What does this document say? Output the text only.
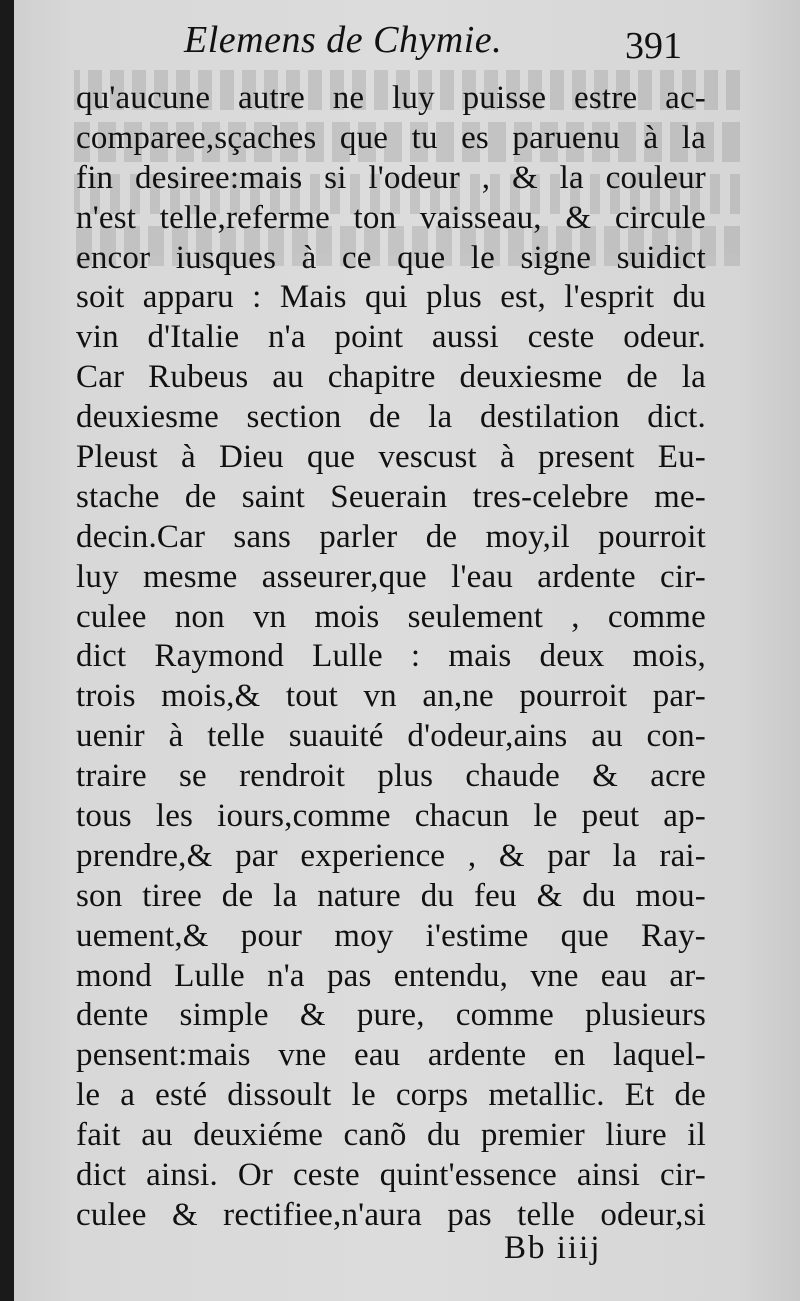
Elemens de Chymie.	391
qu'aucune autre ne luy puisse estre ac-
comparee,sçaches que tu es paruenu à la
fin desiree:mais si l'odeur , & la couleur
n'est telle,referme ton vaisseau, & circule
encor iusques à ce que le signe suidict
soit apparu : Mais qui plus est, l'esprit du
vin d'Italie n'a point aussi ceste odeur.
Car Rubeus au chapitre deuxiesme de la
deuxiesme section de la destilation dict.
Pleust à Dieu que vescust à present Eu-
stache de saint Seuerain tres-celebre me-
decin.Car sans parler de moy,il pourroit
luy mesme asseurer,que l'eau ardente cir-
culee non vn mois seulement , comme
dict Raymond Lulle : mais deux mois,
trois mois,& tout vn an,ne pourroit par-
uenir à telle suauité d'odeur,ains au con-
traire se rendroit plus chaude & acre
tous les iours,comme chacun le peut ap-
prendre,& par experience , & par la rai-
son tiree de la nature du feu & du mou-
uement,& pour moy i'estime que Ray-
mond Lulle n'a pas entendu, vne eau ar-
dente simple & pure, comme plusieurs
pensent:mais vne eau ardente en laquel-
le a esté dissoult le corps metallic. Et de
fait au deuxiéme canõ du premier liure il
dict ainsi. Or ceste quint'essence ainsi cir-
culee & rectifiee,n'aura pas telle odeur,si
Bb iiij
